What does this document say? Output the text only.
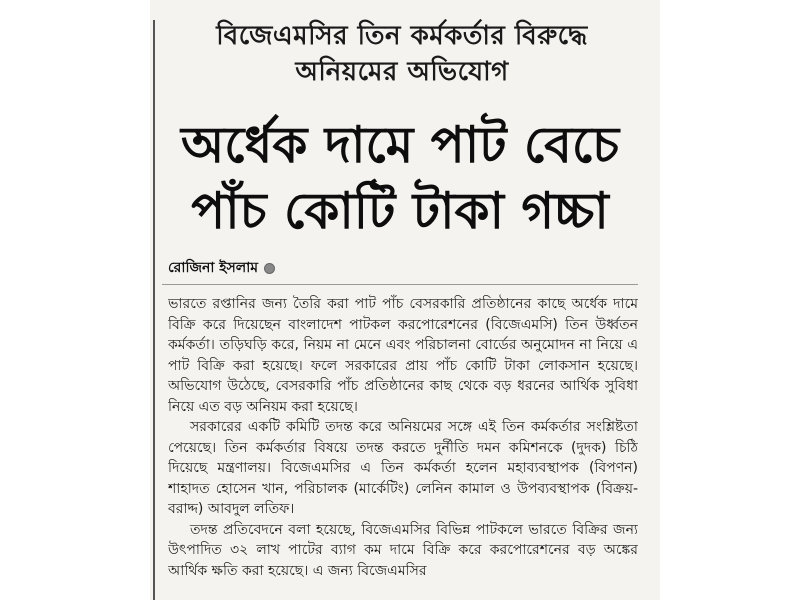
বিজেএমসির তিন কর্মকর্তার বিরুদ্ধে
অনিয়মের অভিযোগ
অর্ধেক দামে পাট বেচে
পাঁচ কোটি টাকা গচ্চা
রোজিনা ইসলাম

ভারতে রপ্তানির জন্য তৈরি করা পাট পাঁচ বেসরকারি প্রতিষ্ঠানের কাছে অর্ধেক দামে বিক্রি করে দিয়েছেন বাংলাদেশ পাটকল করপোরেশনের (বিজেএমসি) তিন উর্ধ্বতন কর্মকর্তা। তড়িঘড়ি করে, নিয়ম না মেনে এবং পরিচালনা বোর্ডের অনুমোদন না নিয়ে এ পাট বিক্রি করা হয়েছে। ফলে সরকারের প্রায় পাঁচ কোটি টাকা লোকসান হয়েছে। অভিযোগ উঠেছে, বেসরকারি পাঁচ প্রতিষ্ঠানের কাছ থেকে বড় ধরনের আর্থিক সুবিধা নিয়ে এত বড় অনিয়ম করা হয়েছে।

সরকারের একটি কমিটি তদন্ত করে অনিয়মের সঙ্গে এই তিন কর্মকর্তার সংশ্লিষ্টতা পেয়েছে। তিন কর্মকর্তার বিষয়ে তদন্ত করতে দুর্নীতি দমন কমিশনকে (দুদক) চিঠি দিয়েছে মন্ত্রণালয়। বিজেএমসির এ তিন কর্মকর্তা হলেন মহাব্যবস্থাপক (বিপণন) শাহাদত হোসেন খান, পরিচালক (মার্কেটিং) লেনিন কামাল ও উপব্যবস্থাপক (বিক্রয়-বরাদ্দ) আবদুল লতিফ।

তদন্ত প্রতিবেদনে বলা হয়েছে, বিজেএমসির বিভিন্ন পাটকলে ভারতে বিক্রির জন্য উৎপাদিত ৩২ লাখ পাটের ব্যাগ কম দামে বিক্রি করে করপোরেশনের বড় অঙ্কের আর্থিক ক্ষতি করা হয়েছে। এ জন্য বিজেএমসির
